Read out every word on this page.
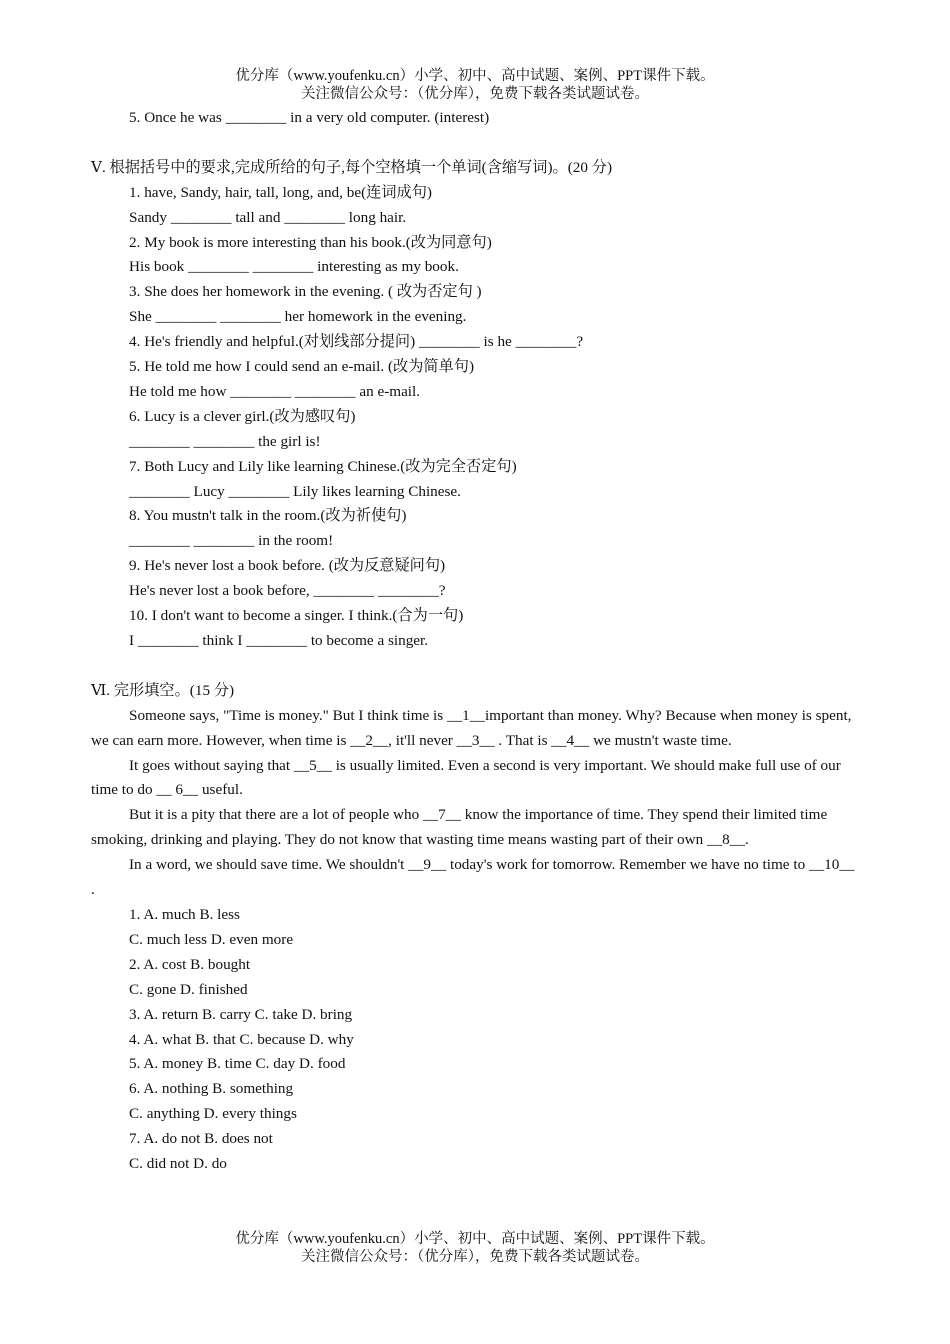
优分库（www.youfenku.cn）小学、初中、高中试题、案例、PPT课件下载。
关注微信公众号：（优分库），免费下载各类试题试卷。
5. Once he was ________ in a very old computer. (interest)
Ⅴ. 根据括号中的要求,完成所给的句子,每个空格填一个单词(含缩写词)。(20 分)
1. have, Sandy, hair, tall, long, and, be(连词成句)
Sandy ________ tall and ________ long hair.
2. My book is more interesting than his book.(改为同意句)
His book ________ ________ interesting as my book.
3. She does her homework in the evening. ( 改为否定句 )
She ________ ________ her homework in the evening.
4. He's friendly and helpful.(对划线部分提问) ________ is he ________?
5. He told me how I could send an e-mail. (改为简单句)
He told me how ________ ________ an e-mail.
6. Lucy is a clever girl.(改为感叹句)
________ ________ the girl is!
7. Both Lucy and Lily like learning Chinese.(改为完全否定句)
________ Lucy ________ Lily likes learning Chinese.
8. You mustn't talk in the room.(改为祈使句)
________ ________ in the room!
9. He's never lost a book before. (改为反意疑问句)
He's never lost a book before, ________ ________?
10. I don't want to become a singer. I think.(合为一句)
I ________ think I ________ to become a singer.
Ⅵ. 完形填空。(15 分)

Someone says, "Time is money." But I think time is __1__important than money. Why? Because when money is spent, we can earn more. However, when time is __2__, it'll never __3__ . That is __4__ we mustn't waste time.

It goes without saying that __5__ is usually limited. Even a second is very important. We should make full use of our time to do __ 6__ useful.

But it is a pity that there are a lot of people who __7__ know the importance of time. They spend their limited time smoking, drinking and playing. They do not know that wasting time means wasting part of their own __8__.

In a word, we should save time. We shouldn't __9__ today's work for tomorrow. Remember we have no time to __10__ .

1. A. much B. less
C. much less D. even more
2. A. cost B. bought
C. gone D. finished
3. A. return B. carry C. take D. bring
4. A. what B. that C. because D. why
5. A. money B. time C. day D. food
6. A. nothing B. something
C. anything D. every things
7. A. do not B. does not
C. did not D. do
优分库（www.youfenku.cn）小学、初中、高中试题、案例、PPT课件下载。
关注微信公众号：（优分库），免费下载各类试题试卷。
